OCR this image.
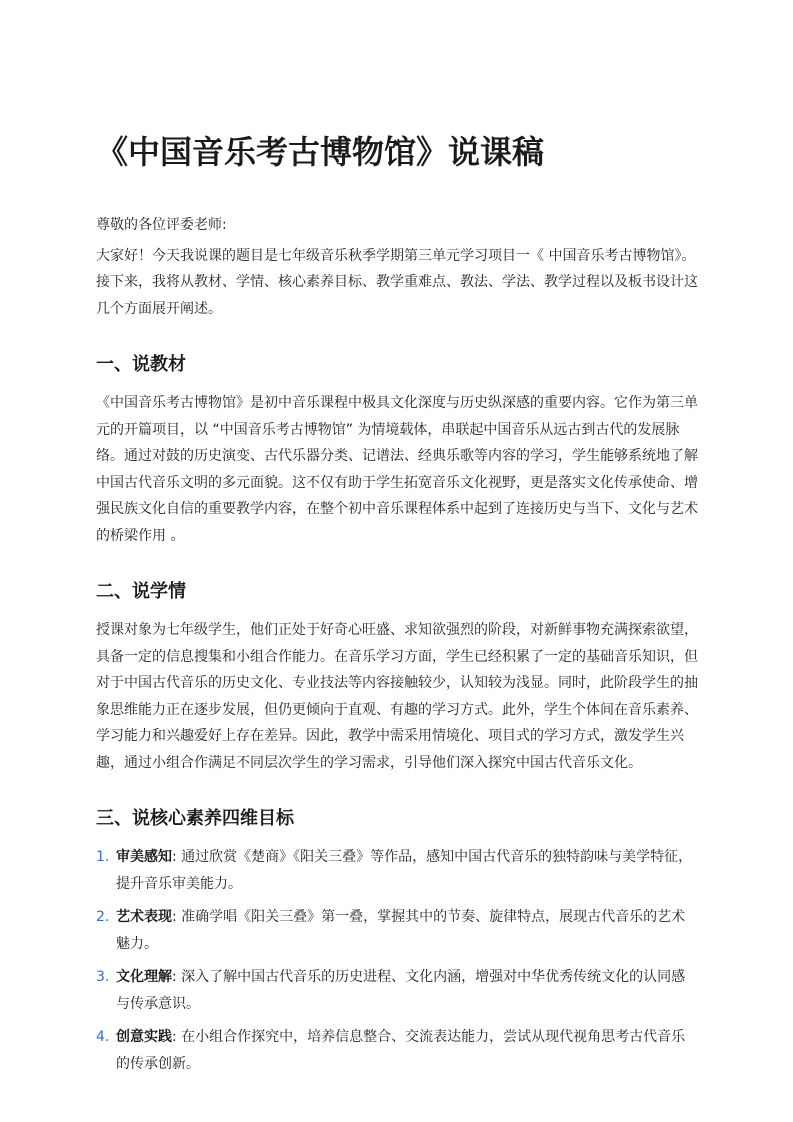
《中国音乐考古博物馆》说课稿

尊敬的各位评委老师:

大家好！今天我说课的题目是七年级音乐秋季学期第三单元学习项目一《 中国音乐考古博物馆》。接下来，我将从教材、学情、核心素养目标、教学重难点、教法、学法、教学过程以及板书设计这几个方面展开阐述。

一、说教材

《中国音乐考古博物馆》是初中音乐课程中极具文化深度与历史纵深感的重要内容。它作为第三单元的开篇项目，以 “中国音乐考古博物馆” 为情境载体，串联起中国音乐从远古到古代的发展脉络。通过对鼓的历史演变、古代乐器分类、记谱法、经典乐歌等内容的学习，学生能够系统地了解中国古代音乐文明的多元面貌。这不仅有助于学生拓宽音乐文化视野，更是落实文化传承使命、增强民族文化自信的重要教学内容，在整个初中音乐课程体系中起到了连接历史与当下、文化与艺术的桥梁作用 。

二、说学情

授课对象为七年级学生，他们正处于好奇心旺盛、求知欲强烈的阶段，对新鲜事物充满探索欲望，具备一定的信息搜集和小组合作能力。在音乐学习方面，学生已经积累了一定的基础音乐知识，但对于中国古代音乐的历史文化、专业技法等内容接触较少，认知较为浅显。同时，此阶段学生的抽象思维能力正在逐步发展，但仍更倾向于直观、有趣的学习方式。此外，学生个体间在音乐素养、学习能力和兴趣爱好上存在差异。因此，教学中需采用情境化、项目式的学习方式，激发学生兴趣，通过小组合作满足不同层次学生的学习需求，引导他们深入探究中国古代音乐文化。

三、说核心素养四维目标
1. 审美感知: 通过欣赏《楚商》《阳关三叠》等作品，感知中国古代音乐的独特韵味与美学特征，提升音乐审美能力。
2. 艺术表现: 准确学唱《阳关三叠》第一叠，掌握其中的节奏、旋律特点，展现古代音乐的艺术魅力。
3. 文化理解: 深入了解中国古代音乐的历史进程、文化内涵，增强对中华优秀传统文化的认同感与传承意识。
4. 创意实践: 在小组合作探究中，培养信息整合、交流表达能力，尝试从现代视角思考古代音乐的传承创新。
